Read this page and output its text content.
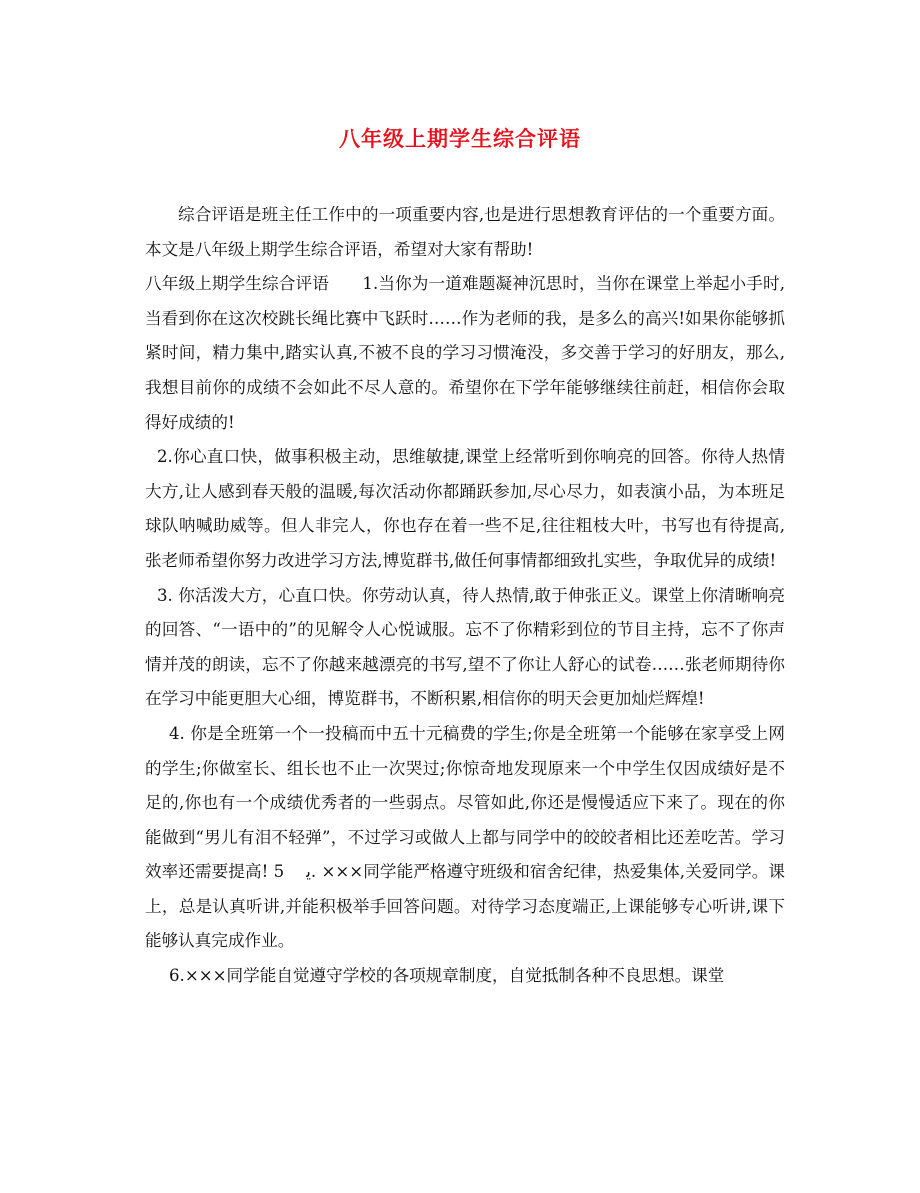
八年级上期学生综合评语

综合评语是班主任工作中的一项重要内容,也是进行思想教育评估的一个重要方面。本文是八年级上期学生综合评语，希望对大家有帮助!

八年级上期学生综合评语　　1.当你为一道难题凝神沉思时，当你在课堂上举起小手时,当看到你在这次校跳长绳比赛中飞跃时……作为老师的我，是多么的高兴!如果你能够抓紧时间，精力集中,踏实认真,不被不良的学习习惯淹没，多交善于学习的好朋友，那么,我想目前你的成绩不会如此不尽人意的。希望你在下学年能够继续往前赶，相信你会取得好成绩的!

2.你心直口快，做事积极主动，思维敏捷,课堂上经常听到你响亮的回答。你待人热情大方,让人感到春天般的温暖,每次活动你都踊跃参加,尽心尽力，如表演小品，为本班足球队呐喊助威等。但人非完人，你也存在着一些不足,往往粗枝大叶，书写也有待提高,张老师希望你努力改进学习方法,博览群书,做任何事情都细致扎实些，争取优异的成绩!

3. 你活泼大方，心直口快。你劳动认真，待人热情,敢于伸张正义。课堂上你清晰响亮的回答、“一语中的”的见解令人心悦诚服。忘不了你精彩到位的节目主持，忘不了你声情并茂的朗读，忘不了你越来越漂亮的书写,望不了你让人舒心的试卷……张老师期待你在学习中能更胆大心细，博览群书，不断积累,相信你的明天会更加灿烂辉煌!

4. 你是全班第一个一投稿而中五十元稿费的学生;你是全班第一个能够在家享受上网的学生;你做室长、组长也不止一次哭过;你惊奇地发现原来一个中学生仅因成绩好是不足的,你也有一个成绩优秀者的一些弱点。尽管如此,你还是慢慢适应下来了。现在的你能做到“男儿有泪不轻弹”，不过学习或做人上都与同学中的皎皎者相比还差吃苦。学习效率还需要提高! 5　 ﯾ. ×××同学能严格遵守班级和宿舍纪律，热爱集体,关爱同学。课上，总是认真听讲,并能积极举手回答问题。对待学习态度端正,上课能够专心听讲,课下能够认真完成作业。

6.×××同学能自觉遵守学校的各项规章制度，自觉抵制各种不良思想。课堂
